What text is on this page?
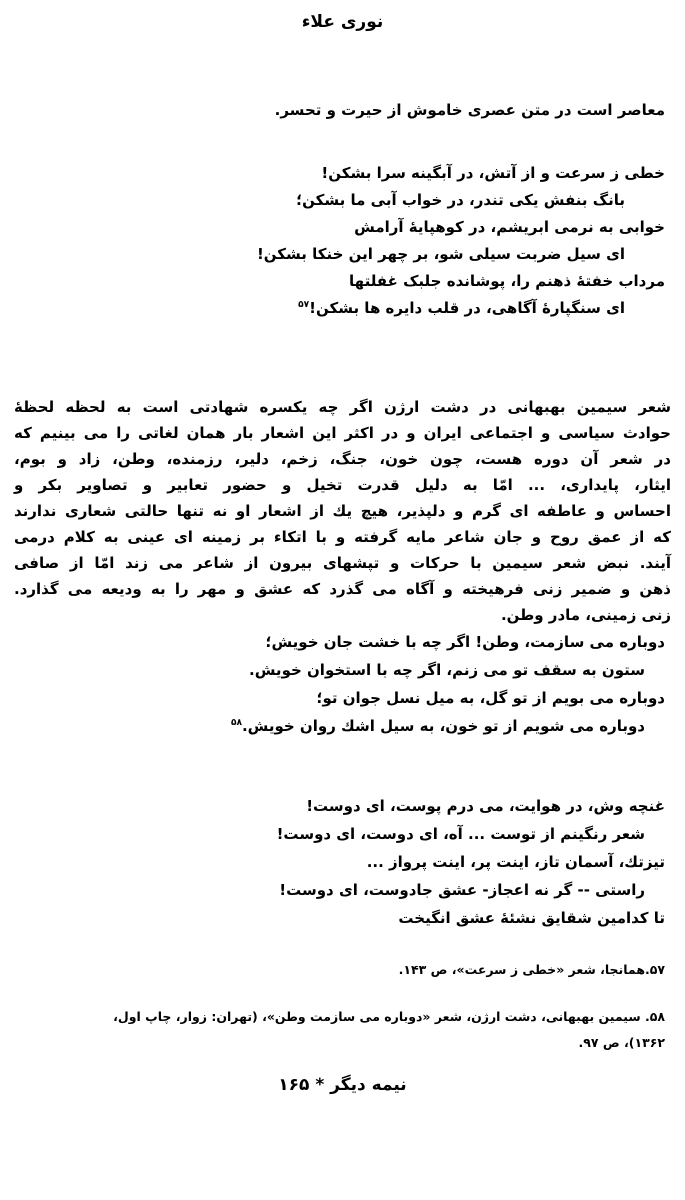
نوری علاء
معاصر است در متن عصری خاموش از حیرت و تحسر.
خطی ز سرعت و از آتش، در آبگینه سرا بشکن!
بانگ بنفش یکی تندر، در خواب آبی ما بشکن؛
خوابی به نرمی ابریشم، در کوهپایهٔ آرامش
ای سیل ضربت سیلی شو، بر چهر این خنکا بشکن!
مرداب خفتهٔ ذهنم را، پوشانده جلبک غفلتها
ای سنگپارهٔ آگاهی، در قلب دایره ها بشکن!$^{۵۷}$
شعر سیمین بهبهانی در دشت ارژن اگر چه یکسره شهادتی است به لحظه لحظهٔ
حوادث سیاسی و اجتماعی ایران و در اکثر این اشعار بار همان لغاتی را می بینیم که
در شعر آن دوره هست، چون خون، جنگ، زخم، دلیر، رزمنده، وطن، زاد و بوم،
ایثار، پایداری، ... امّا به دلیل قدرت تخیل و حضور تعابیر و تصاویر بکر و
احساس و عاطفه ای گرم و دلپذیر، هیچ یك از اشعار او نه تنها حالتی شعاری ندارند
که از عمق روح و جان شاعر مایه گرفته و با اتکاء بر زمینه ای عینی به کلام درمی
آیند. نبض شعر سیمین با حرکات و تپشهای بیرون از شاعر می زند امّا از صافی
ذهن و ضمیر زنی فرهیخته و آگاه می گذرد که عشق و مهر را به ودیعه می گذارد.
زنی زمینی، مادر وطن.
دوباره می سازمت، وطن! اگر چه با خشت جان خویش؛
ستون به سقف تو می زنم، اگر چه با استخوان خویش.
دوباره می بویم از تو گل، به میل نسل جوان تو؛
دوباره می شویم از تو خون، به سیل اشك روان خویش.$^{۵۸}$
غنچه وش، در هوایت، می درم پوست، ای دوست!
شعر رنگینم از توست ... آه، ای دوست، ای دوست!
تیزتك، آسمان تاز، اینت پر، اینت پرواز ...
راستی -- گر نه اعجاز- عشق جادوست، ای دوست!
تا کدامین شقایق نشئهٔ عشق انگیخت
۵۷.همانجا، شعر «خطی ز سرعت»، ص ۱۴۳.
۵۸. سیمین بهبهانی، دشت ارژن، شعر «دوباره می سازمت وطن»، (تهران: زوار، چاپ اول،
۱۳۶۲)، ص ۹۷.
نیمه دیگر * ۱۶۵
